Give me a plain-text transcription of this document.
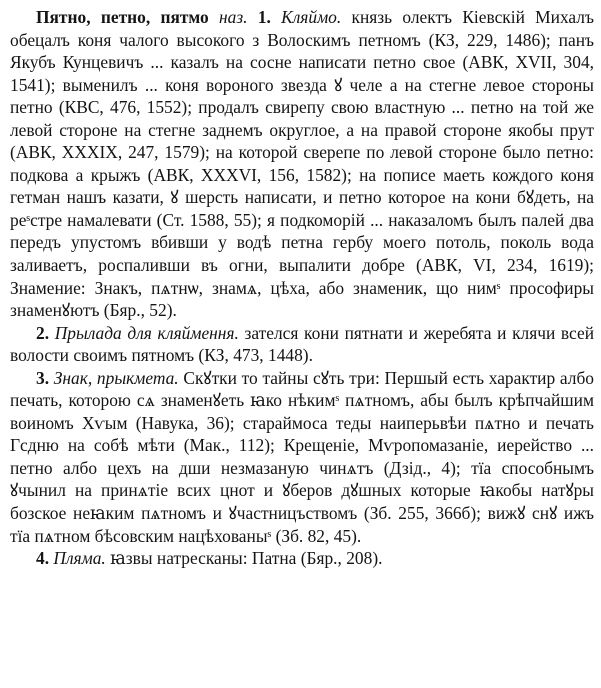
Пятно, петно, пятмо наз. 1. Кляймо. князь олектъ Кіевскій Михалъ обецалъ коня чалого высокого з Волоскимъ петномъ (КЗ, 229, 1486); панъ Якубъ Кунцевичъ ... казалъ на сосне написати петно свое (АВК, XVII, 304, 1541); выменилъ ... коня вороного звезда ꙋ челе а на стегне левое стороны петно (КВС, 476, 1552); продалъ свирепу свою властную ... петно на той же левой стороне на стегне заднемъ округлое, а на правой стороне якобы прут (АВК, XXXIX, 247, 1579); на которой сверепе по левой стороне было петно: подкова а крыжъ (АВК, XXXVI, 156, 1582); на пописе маеть кождого коня гетман нашъ казати, ꙋ шерсть написати, и петно которое на кони бꙋдеть, на реˢстре намалевати (Ст. 1588, 55); я подкоморій ... наказаломъ былъ палей два передъ упустомъ вбивши у водѣ петна гербу моего потоль, поколь вода заливаетъ, роспаливши въ огни, выпалити добре (АВК, VI, 234, 1619); Знамение: Знакъ, пѧтнѡ, знамѧ, цѣха, або знаменик, що нимˢ прософиры знаменꙋютъ (Бяр., 52).

2. Прылада для кляймення. зателся кони пятнати и жеребята и клячи всей волости своимъ пятномъ (КЗ, 473, 1448).

3. Знак, прыкмета. Скꙋтки то тайны сꙋть три: Першый есть характир албо печать, которою сѧ знаменꙋеть ꙗко нѣкимˢ пѧтномъ, абы былъ крѣпчайшим воиномъ Хѵым (Навука, 36); старaймоса теды наиперьвѣи пѧтно и печать Гсдню на собѣ мѣти (Мак., 112); Крещеніе, Мѵропомазаніе, иерейство ... петно албо цехъ на дши незмазаную чинѧтъ (Дзід., 4); тїа способнымъ ꙋчынил на принѧтіе всих цнот и ꙋберов дꙋшных которые ꙗкобы натꙋры бозское неꙗким пѧтномъ и ꙋчастницъствомъ (Зб. 255, 366б); вижꙋ снꙋ ижъ тїа пѧтном бѣсовским нацѣхованыˢ (Зб. 82, 45).

4. Пляма. ꙗзвы натресканы: Патна (Бяр., 208).
